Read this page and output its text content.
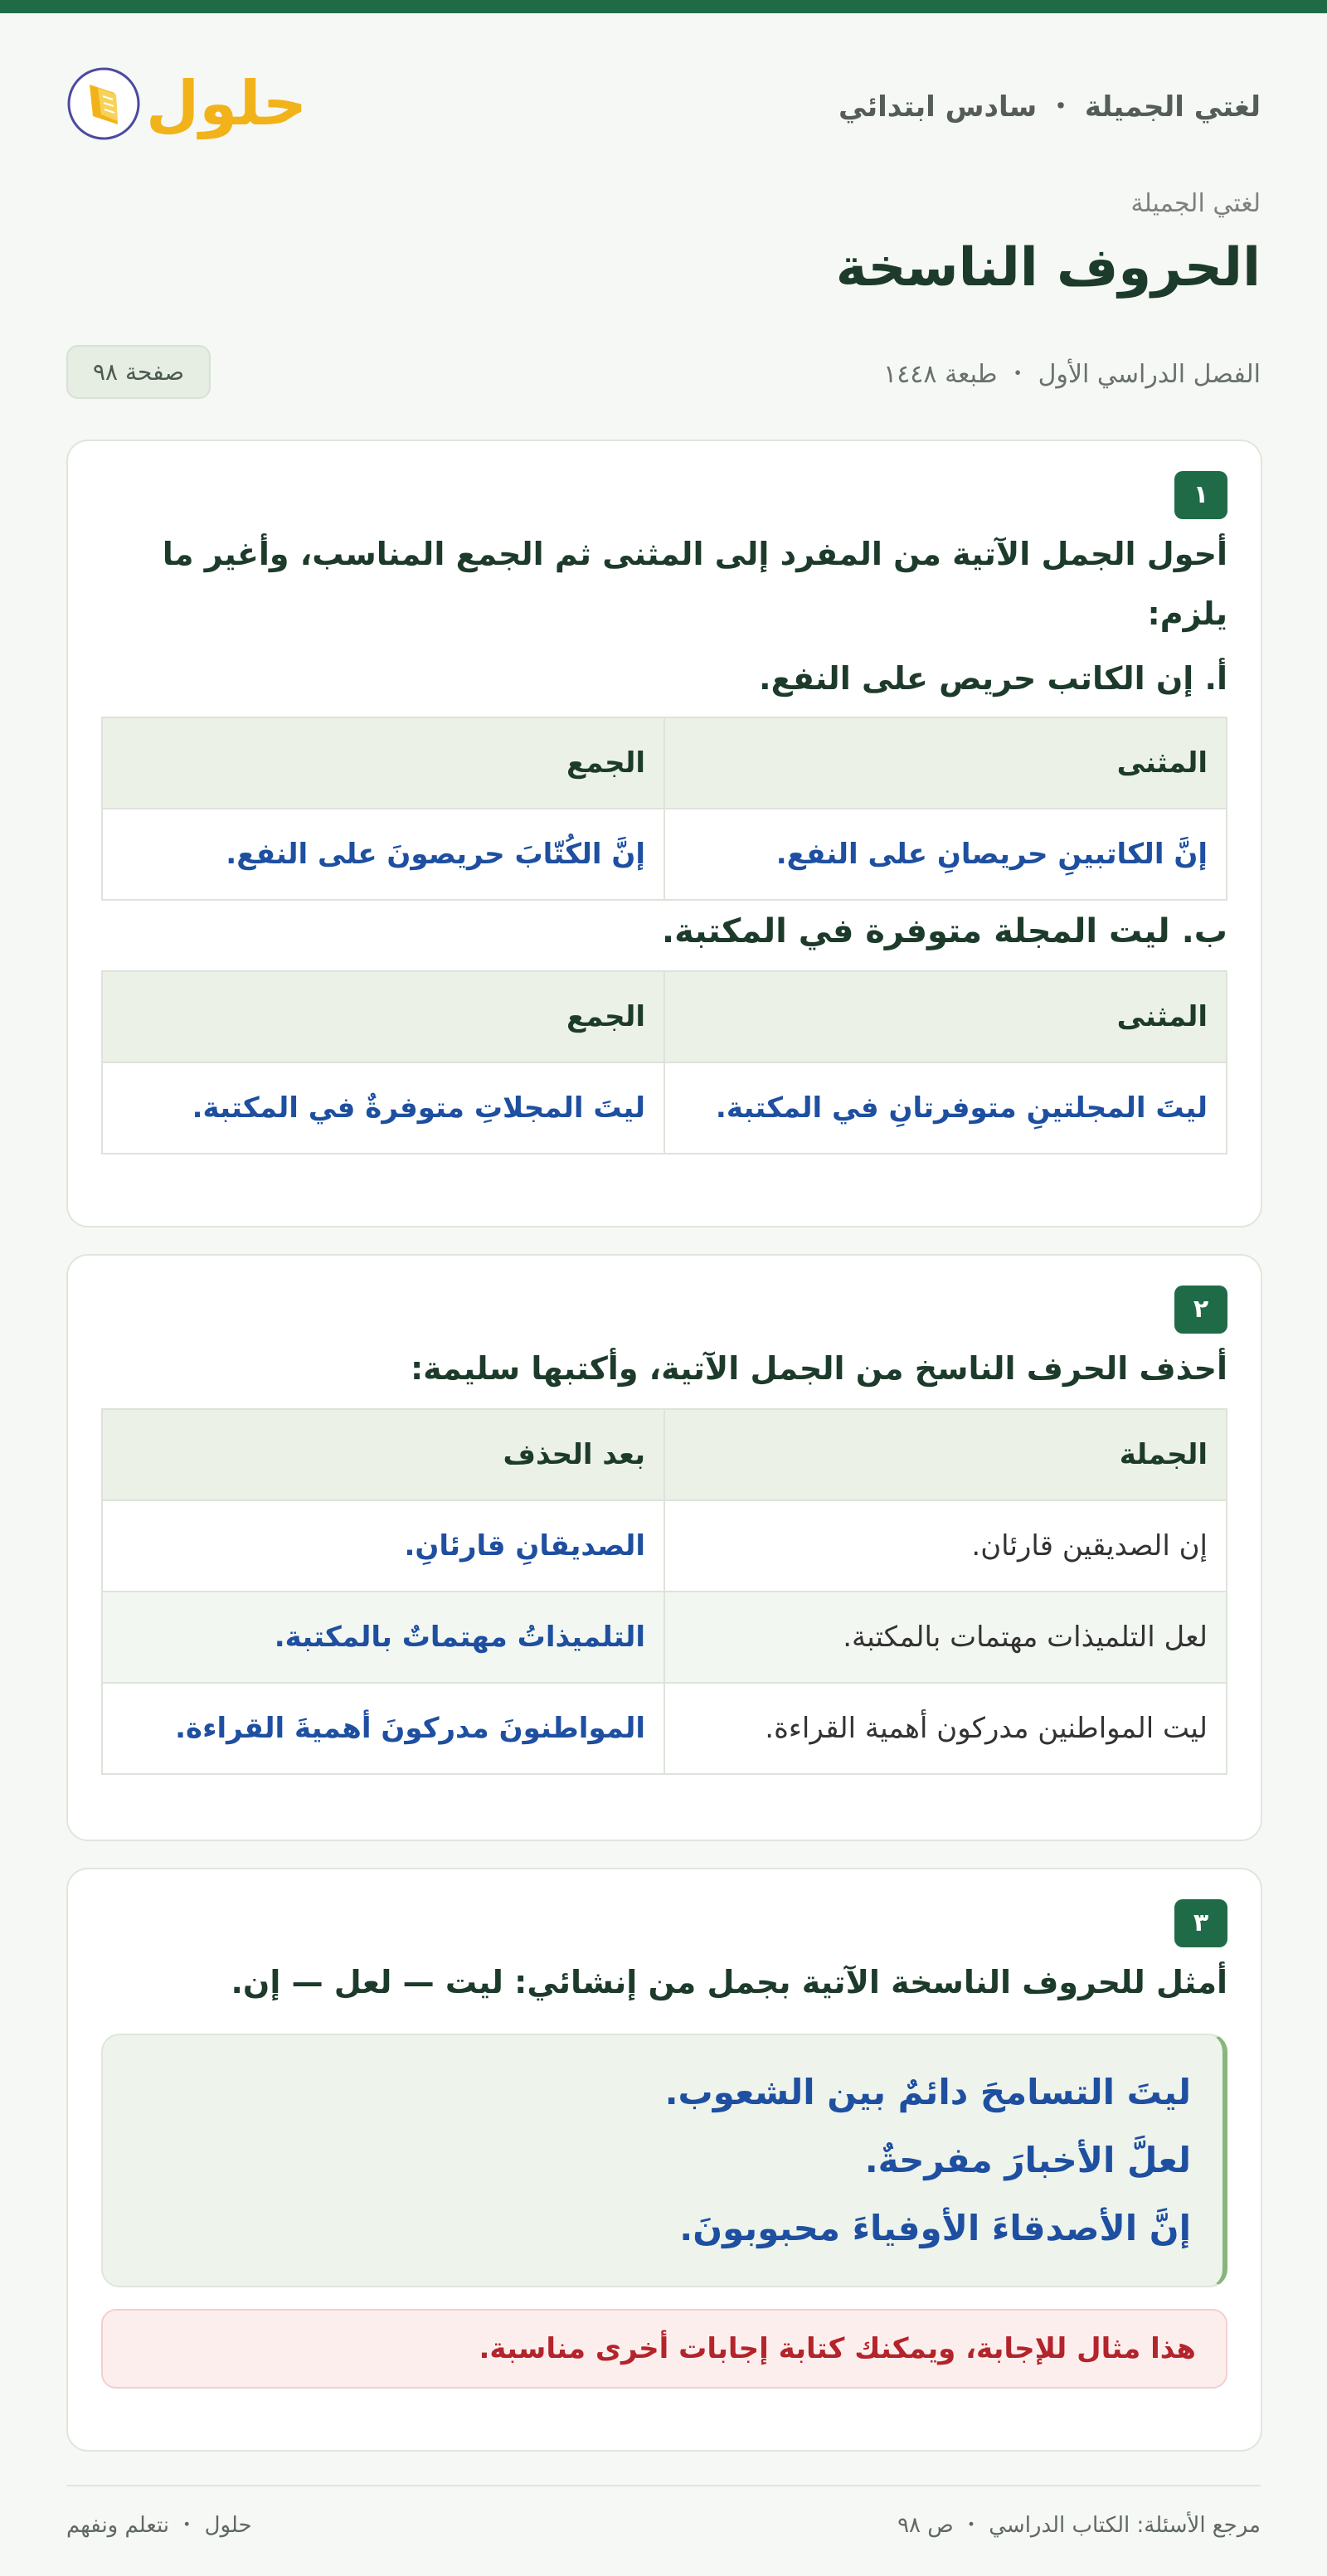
لغتي الجميلة ・ سادس ابتدائي
حلول
لغتي الجميلة
الحروف الناسخة
الفصل الدراسي الأول ・ طبعة ١٤٤٨
صفحة ٩٨
١
أحول الجمل الآتية من المفرد إلى المثنى ثم الجمع المناسب، وأغير ما يلزم:
أ. إن الكاتب حريص على النفع.
المثنى	الجمع
إنَّ الكاتبينِ حريصانِ على النفع.	إنَّ الكُتّابَ حريصونَ على النفع.
ب. ليت المجلة متوفرة في المكتبة.
المثنى	الجمع
ليتَ المجلتينِ متوفرتانِ في المكتبة.	ليتَ المجلاتِ متوفرةٌ في المكتبة.
٢
أحذف الحرف الناسخ من الجمل الآتية، وأكتبها سليمة:
الجملة	بعد الحذف
إن الصديقين قارئان.	الصديقانِ قارئانِ.
لعل التلميذات مهتمات بالمكتبة.	التلميذاتُ مهتماتٌ بالمكتبة.
ليت المواطنين مدركون أهمية القراءة.	المواطنونَ مدركونَ أهميةَ القراءة.
٣
أمثل للحروف الناسخة الآتية بجمل من إنشائي: ليت — لعل — إن.
ليتَ التسامحَ دائمٌ بين الشعوب.
لعلَّ الأخبارَ مفرحةٌ.
إنَّ الأصدقاءَ الأوفياءَ محبوبونَ.
هذا مثال للإجابة، ويمكنك كتابة إجابات أخرى مناسبة.
مرجع الأسئلة: الكتاب الدراسي ・ ص ٩٨
حلول ・ نتعلم ونفهم
